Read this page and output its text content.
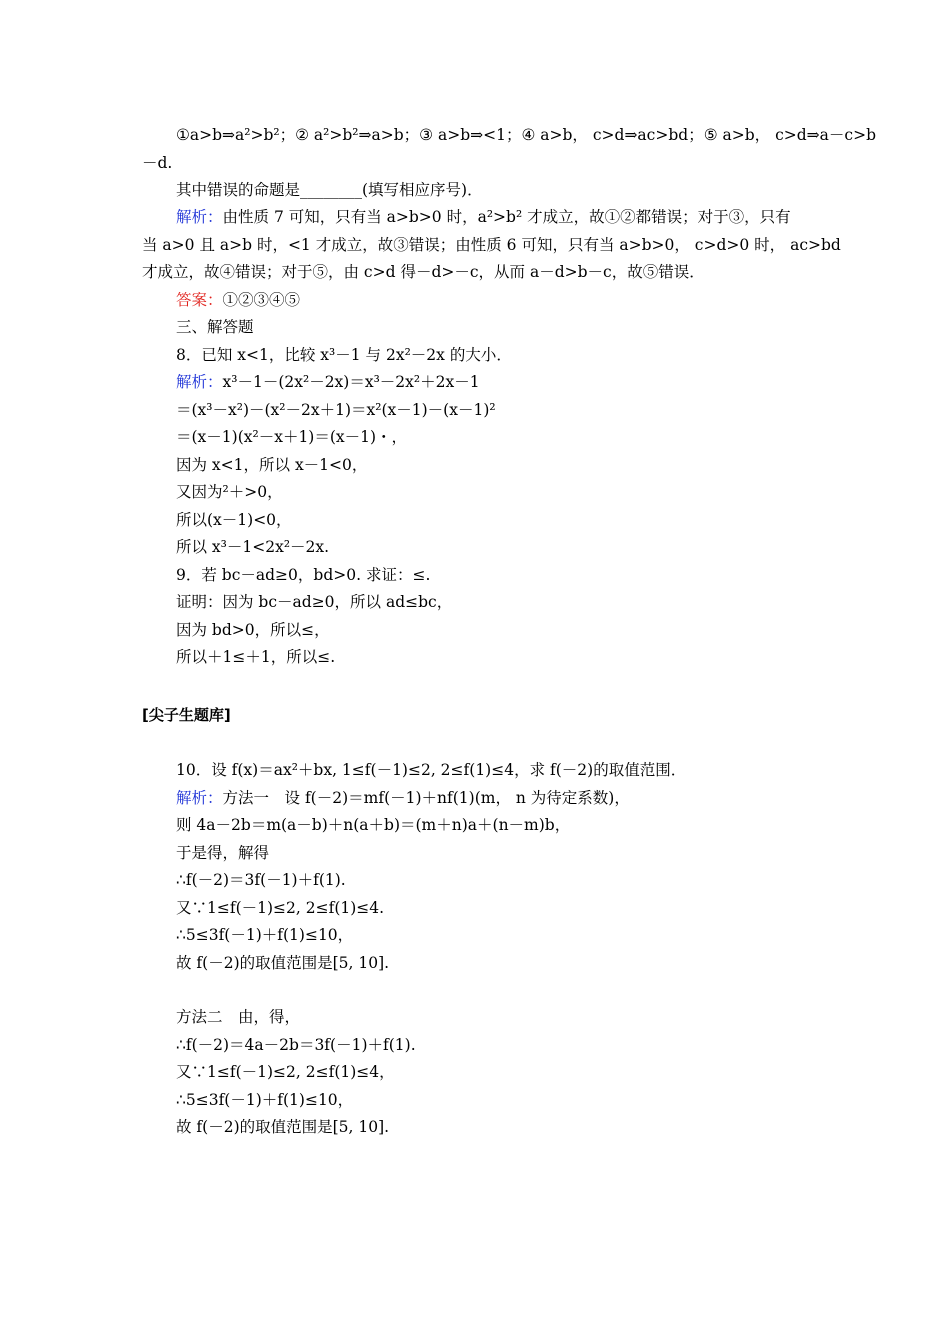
①a>b⇒a²>b²；② a²>b²⇒a>b；③ a>b⇒<1；④ a>b， c>d⇒ac>bd；⑤ a>b， c>d⇒a－c>b
－d.
其中错误的命题是________(填写相应序号)．
解析：由性质 7 可知，只有当 a>b>0 时，a²>b² 才成立，故①②都错误；对于③，只有
当 a>0 且 a>b 时，<1 才成立，故③错误；由性质 6 可知，只有当 a>b>0， c>d>0 时， ac>bd
才成立，故④错误；对于⑤，由 c>d 得－d>－c，从而 a－d>b－c，故⑤错误．
答案：①②③④⑤
三、解答题
8．已知 x<1，比较 x³－1 与 2x²－2x 的大小．
解析：x³－1－(2x²－2x)＝x³－2x²＋2x－1
＝(x³－x²)－(x²－2x＋1)＝x²(x－1)－(x－1)²
＝(x－1)(x²－x＋1)＝(x－1)・，
因为 x<1，所以 x－1<0，
又因为²＋>0，
所以(x－1)<0，
所以 x³－1<2x²－2x.
9．若 bc－ad≥0，bd>0. 求证：≤.
证明：因为 bc－ad≥0，所以 ad≤bc，
因为 bd>0，所以≤，
所以＋1≤＋1，所以≤.
[尖子生题库]
10．设 f(x)＝ax²＋bx, 1≤f(－1)≤2, 2≤f(1)≤4，求 f(－2)的取值范围．
解析：方法一　设 f(－2)＝mf(－1)＋nf(1)(m， n 为待定系数)，
则 4a－2b＝m(a－b)＋n(a＋b)＝(m＋n)a＋(n－m)b，
于是得，解得
∴f(－2)＝3f(－1)＋f(1).
又∵1≤f(－1)≤2, 2≤f(1)≤4.
∴5≤3f(－1)＋f(1)≤10，
故 f(－2)的取值范围是[5, 10].
方法二　由，得，
∴f(－2)＝4a－2b＝3f(－1)＋f(1).
又∵1≤f(－1)≤2, 2≤f(1)≤4，
∴5≤3f(－1)＋f(1)≤10，
故 f(－2)的取值范围是[5, 10].
